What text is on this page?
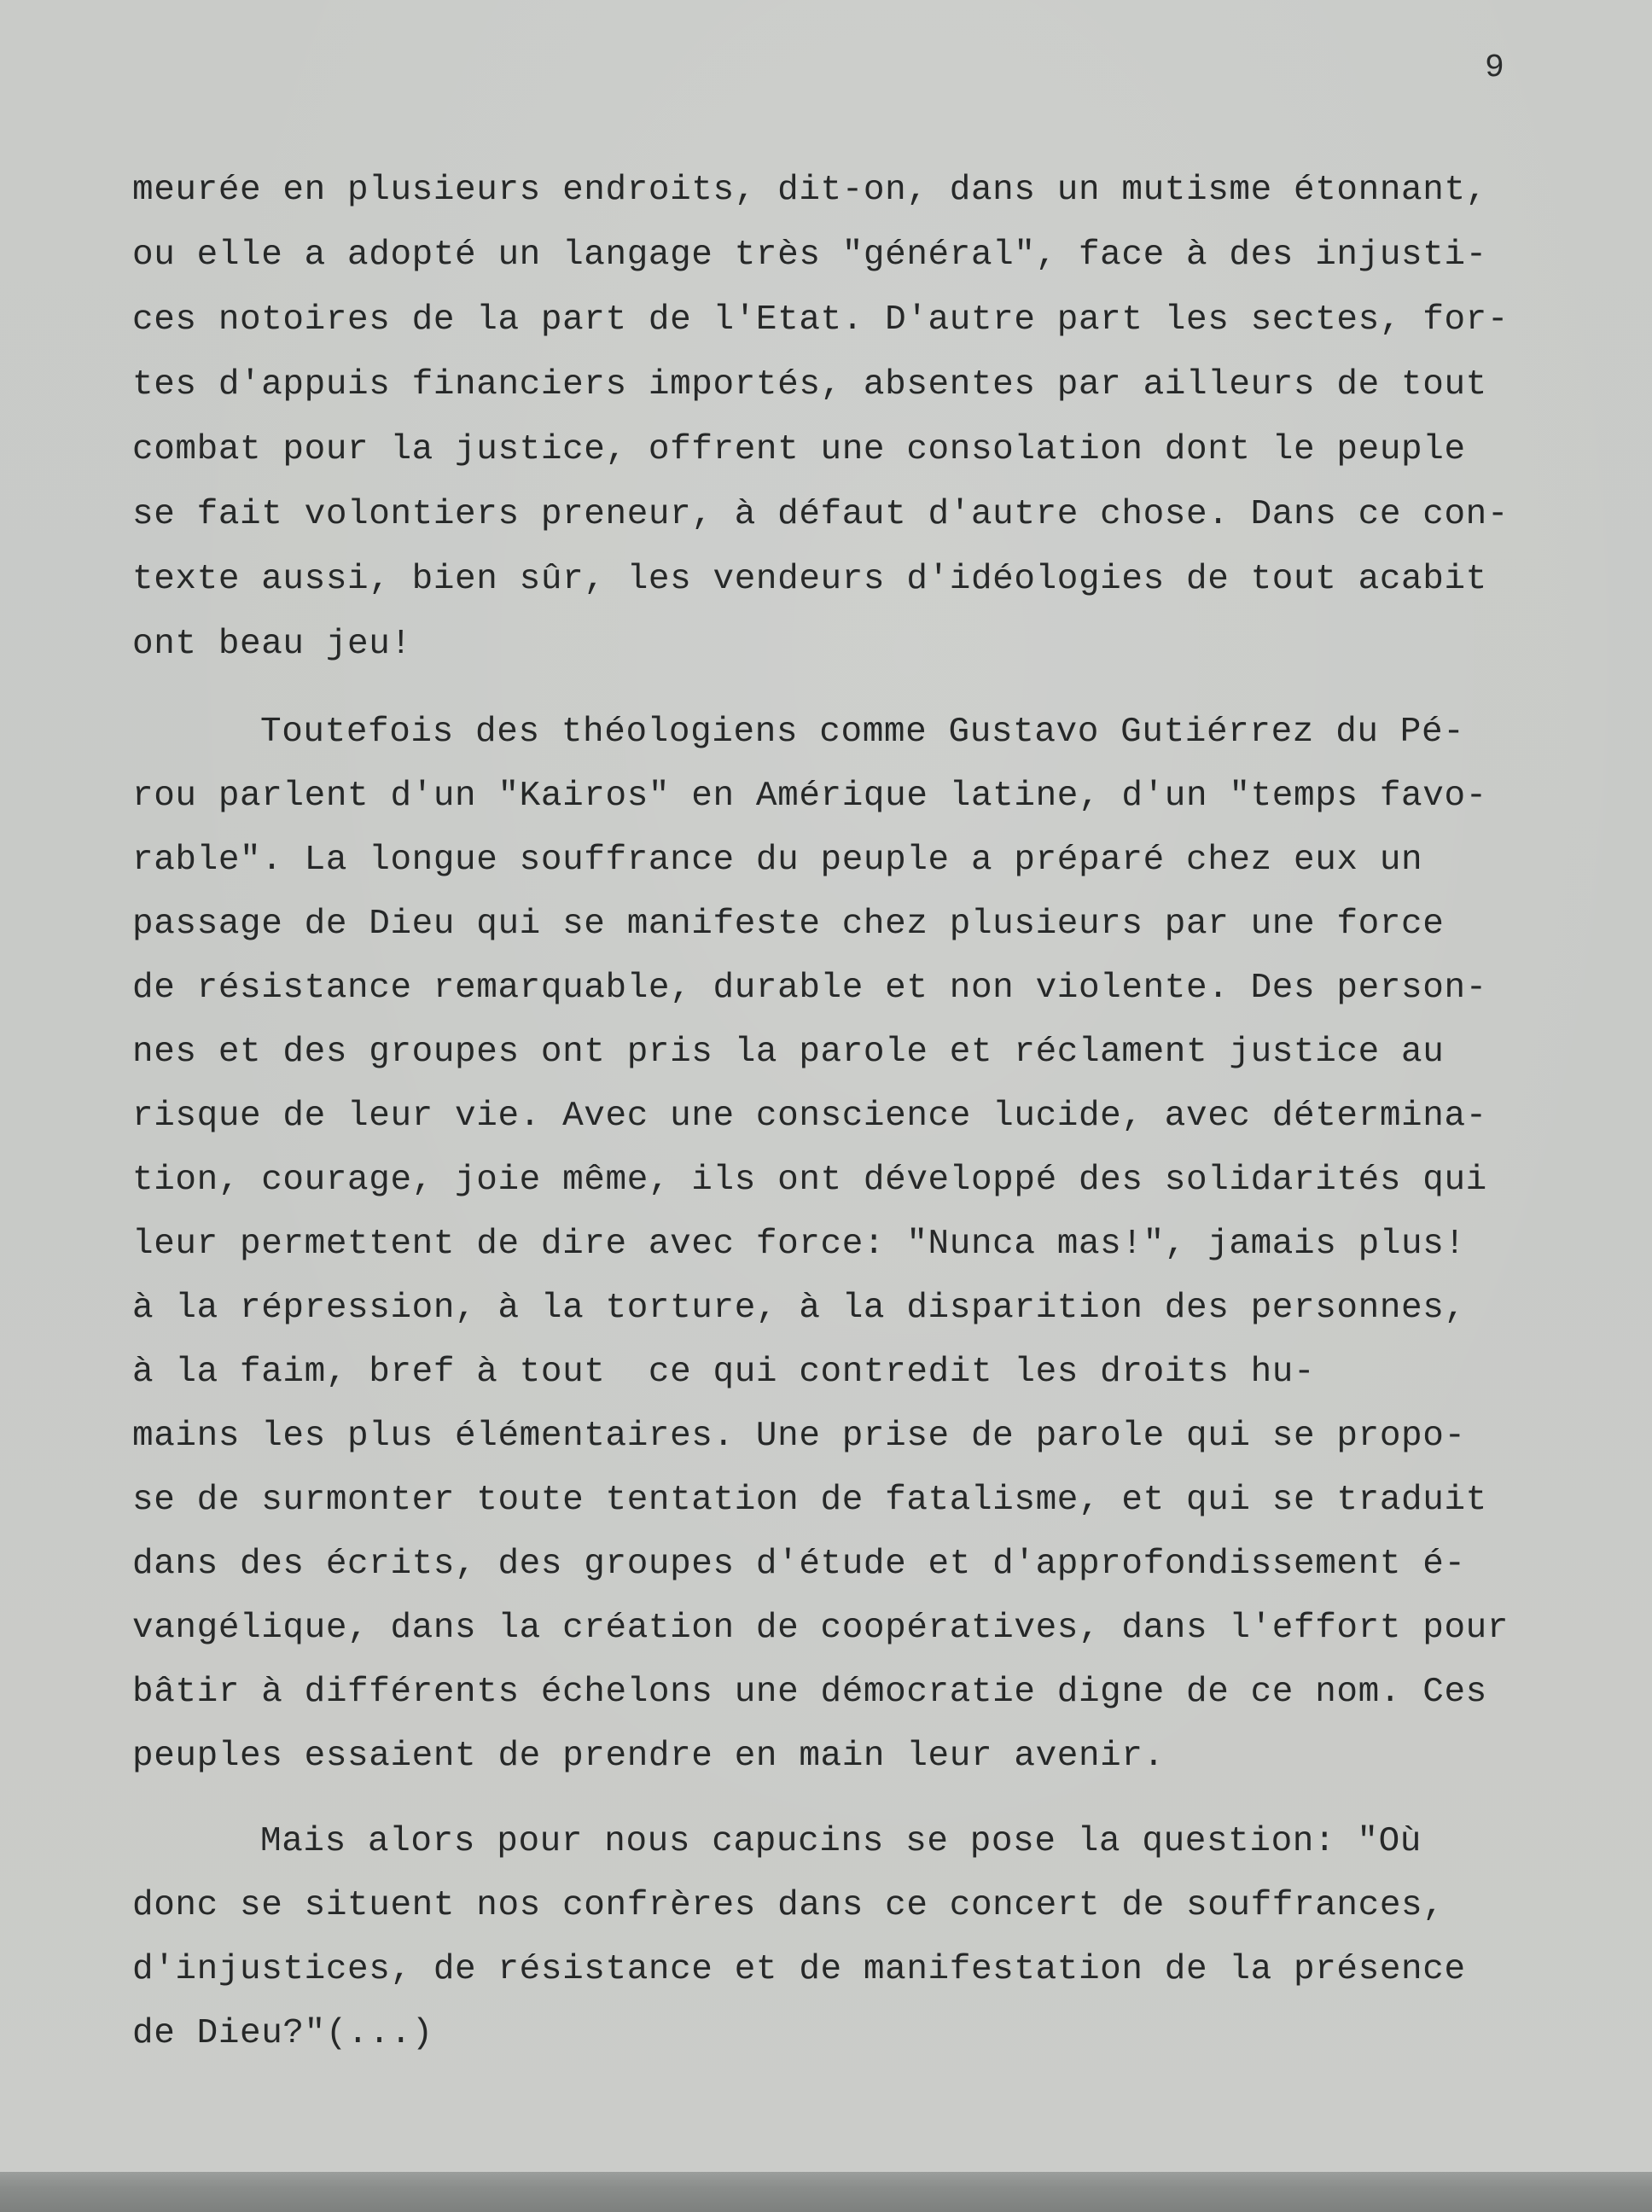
9
meurée en plusieurs endroits, dit-on, dans un mutisme étonnant,
ou elle a adopté un langage très "général", face à des injusti-
ces notoires de la part de l'Etat. D'autre part les sectes, for-
tes d'appuis financiers importés, absentes par ailleurs de tout
combat pour la justice, offrent une consolation dont le peuple
se fait volontiers preneur, à défaut d'autre chose. Dans ce con-
texte aussi, bien sûr, les vendeurs d'idéologies de tout acabit
ont beau jeu!
Toutefois des théologiens comme Gustavo Gutiérrez du Pé-
rou parlent d'un "Kairos" en Amérique latine, d'un "temps favo-
rable". La longue souffrance du peuple a préparé chez eux un
passage de Dieu qui se manifeste chez plusieurs par une force
de résistance remarquable, durable et non violente. Des person-
nes et des groupes ont pris la parole et réclament justice au
risque de leur vie. Avec une conscience lucide, avec détermina-
tion, courage, joie même, ils ont développé des solidarités qui
leur permettent de dire avec force: "Nunca mas!", jamais plus!
à la répression, à la torture, à la disparition des personnes,
à la faim, bref à tout  ce qui contredit les droits hu-
mains les plus élémentaires. Une prise de parole qui se propo-
se de surmonter toute tentation de fatalisme, et qui se traduit
dans des écrits, des groupes d'étude et d'approfondissement é-
vangélique, dans la création de coopératives, dans l'effort pour
bâtir à différents échelons une démocratie digne de ce nom. Ces
peuples essaient de prendre en main leur avenir.
Mais alors pour nous capucins se pose la question: "Où
donc se situent nos confrères dans ce concert de souffrances,
d'injustices, de résistance et de manifestation de la présence
de Dieu?"(...)
